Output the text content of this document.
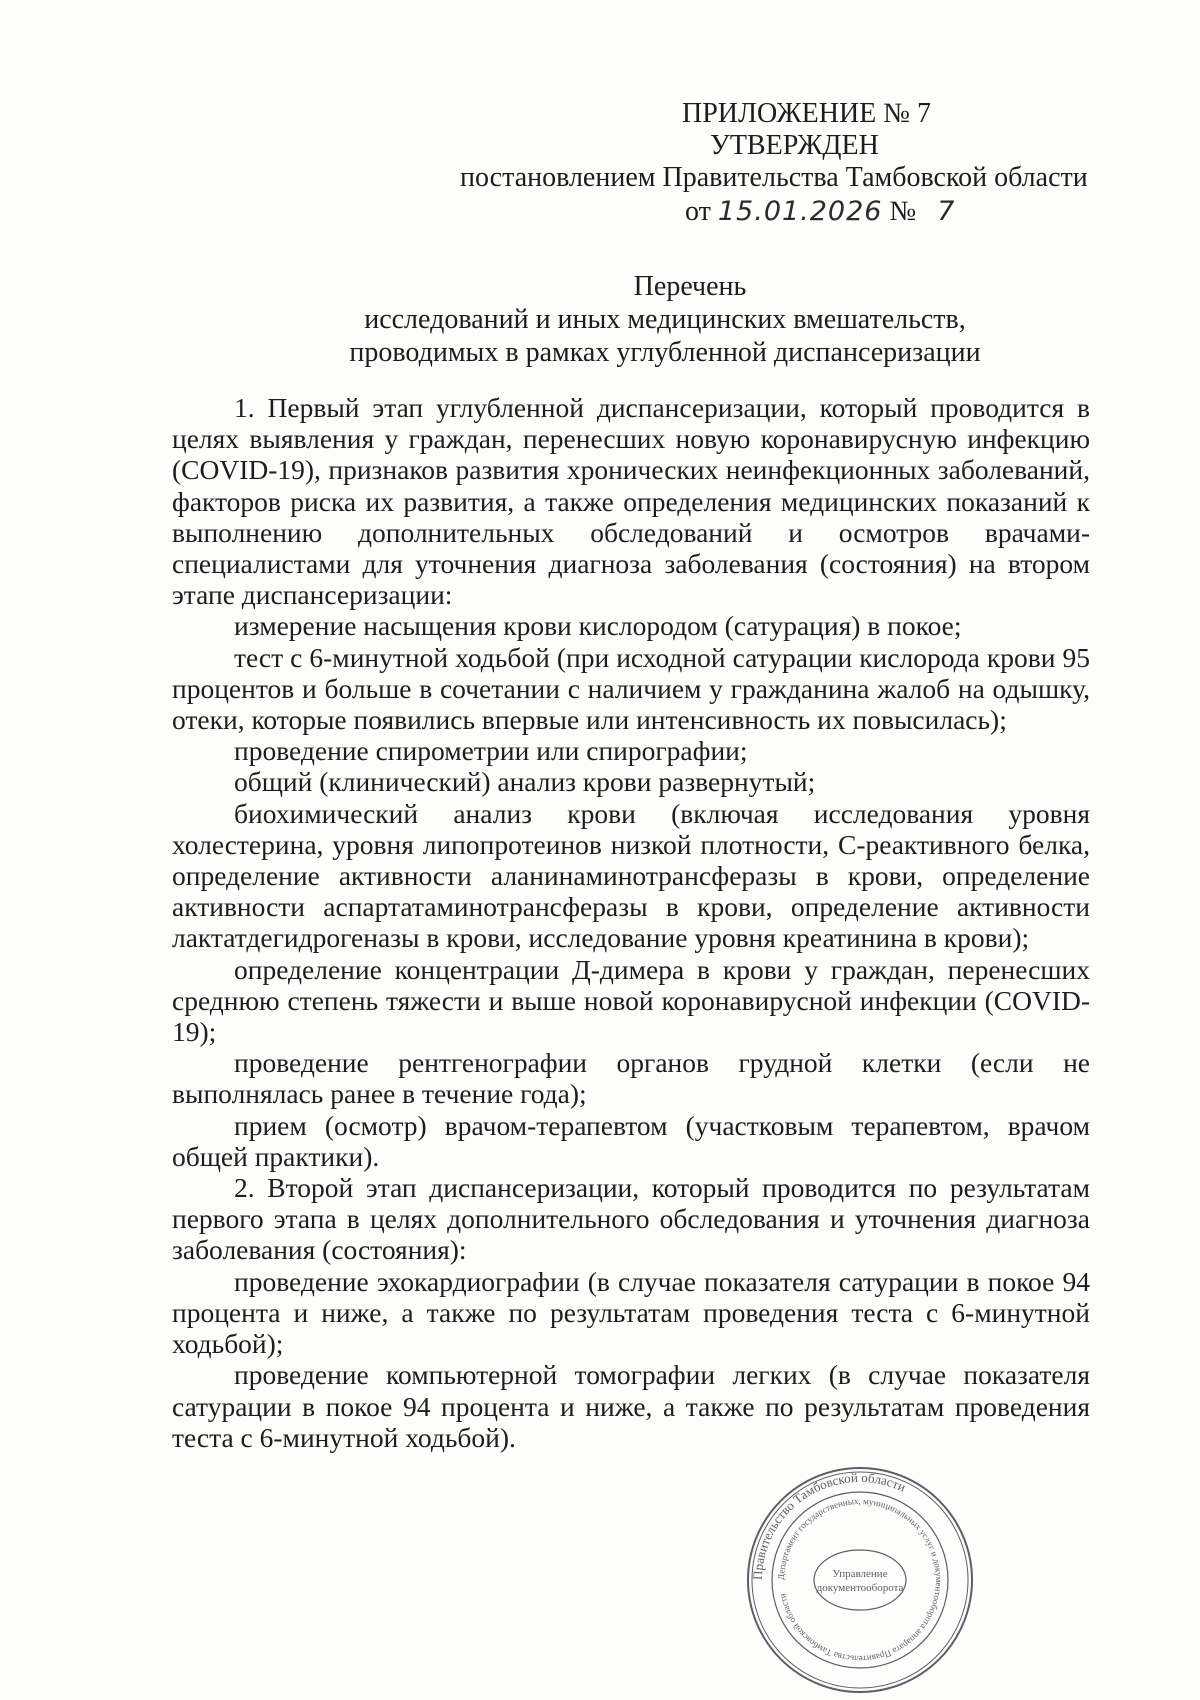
ПРИЛОЖЕНИЕ № 7
УТВЕРЖДЕН
постановлением Правительства Тамбовской области
от 15.01.2026 № 7
Перечень
исследований и иных медицинских вмешательств,
проводимых в рамках углубленной диспансеризации

1. Первый этап углубленной диспансеризации, который проводится в целях выявления у граждан, перенесших новую коронавирусную инфекцию (COVID-19), признаков развития хронических неинфекционных заболеваний, факторов риска их развития, а также определения медицинских показаний к выполнению дополнительных обследований и осмотров врачами-специалистами для уточнения диагноза заболевания (состояния) на втором этапе диспансеризации:

измерение насыщения крови кислородом (сатурация) в покое;

тест с 6-минутной ходьбой (при исходной сатурации кислорода крови 95 процентов и больше в сочетании с наличием у гражданина жалоб на одышку, отеки, которые появились впервые или интенсивность их повысилась);

проведение спирометрии или спирографии;

общий (клинический) анализ крови развернутый;

биохимический анализ крови (включая исследования уровня холестерина, уровня липопротеинов низкой плотности, С-реактивного белка, определение активности аланинаминотрансферазы в крови, определение активности аспартатаминотрансферазы в крови, определение активности лактатдегидрогеназы в крови, исследование уровня креатинина в крови);

определение концентрации Д-димера в крови у граждан, перенесших среднюю степень тяжести и выше новой коронавирусной инфекции (COVID-19);

проведение рентгенографии органов грудной клетки (если не выполнялась ранее в течение года);

прием (осмотр) врачом-терапевтом (участковым терапевтом, врачом общей практики).

2. Второй этап диспансеризации, который проводится по результатам первого этапа в целях дополнительного обследования и уточнения диагноза заболевания (состояния):

проведение эхокардиографии (в случае показателя сатурации в покое 94 процента и ниже, а также по результатам проведения теста с 6-минутной ходьбой);

проведение компьютерной томографии легких (в случае показателя сатурации в покое 94 процента и ниже, а также по результатам проведения теста с 6-минутной ходьбой).

Правительство Тамбовской области
Департамент государственных, муниципальных услуг и документооборота аппарата Правительства Тамбовской области
Управление
документооборота
